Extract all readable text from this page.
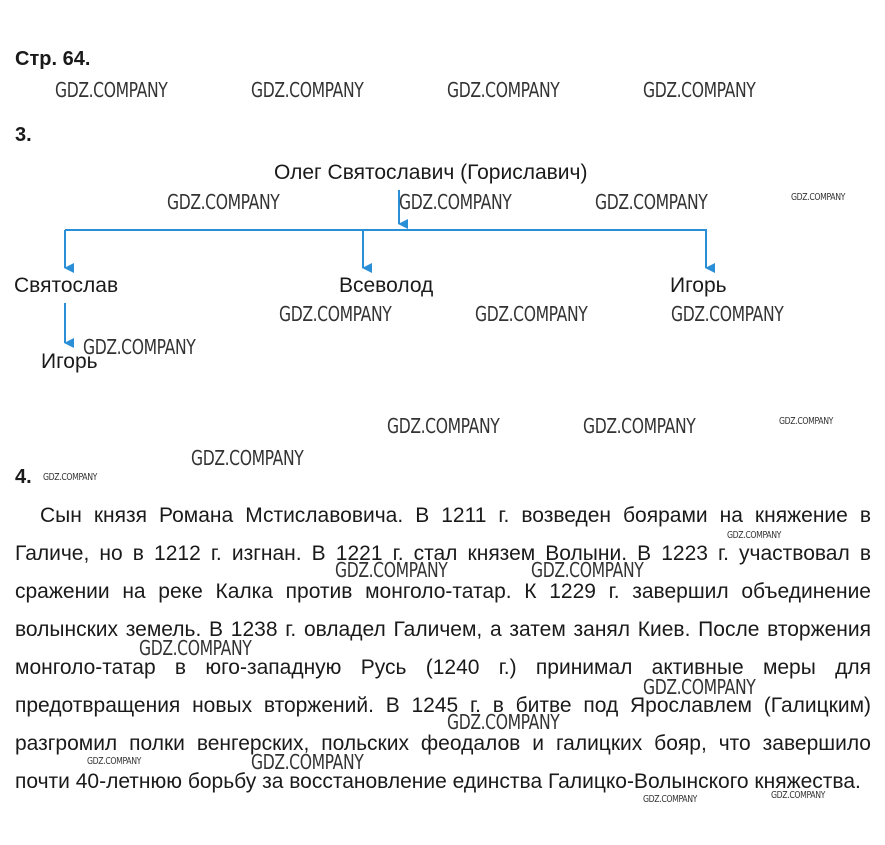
Стр. 64.
3.
Олег Святославич (Гориславич)
Святослав	Всеволод	Игорь
Игорь
4.
Сын князя Романа Мстиславовича. В 1211 г. возведен боярами на княжение в Галиче, но в 1212 г. изгнан. В 1221 г. стал князем Волыни. В 1223 г. участвовал в сражении на реке Калка против монголо-татар. К 1229 г. завершил объединение волынских земель. В 1238 г. овладел Галичем, а затем занял Киев. После вторжения монголо-татар в юго-западную Русь (1240 г.) принимал активные меры для предотвращения новых вторжений. В 1245 г. в битве под Ярославлем (Галицким) разгромил полки венгерских, польских феодалов и галицких бояр, что завершило почти 40-летнюю борьбу за восстановление единства Галицко-Волынского княжества.
GDZ.COMPANY	GDZ.COMPANY	GDZ.COMPANY	GDZ.COMPANY
GDZ.COMPANY	GDZ.COMPANY	GDZ.COMPANY	GDZ.COMPANY
GDZ.COMPANY	GDZ.COMPANY	GDZ.COMPANY
GDZ.COMPANY
GDZ.COMPANY	GDZ.COMPANY	GDZ.COMPANY
GDZ.COMPANY
GDZ.COMPANY
GDZ.COMPANY
GDZ.COMPANY	GDZ.COMPANY
GDZ.COMPANY
GDZ.COMPANY
GDZ.COMPANY
GDZ.COMPANY	GDZ.COMPANY
GDZ.COMPANY	GDZ.COMPANY
